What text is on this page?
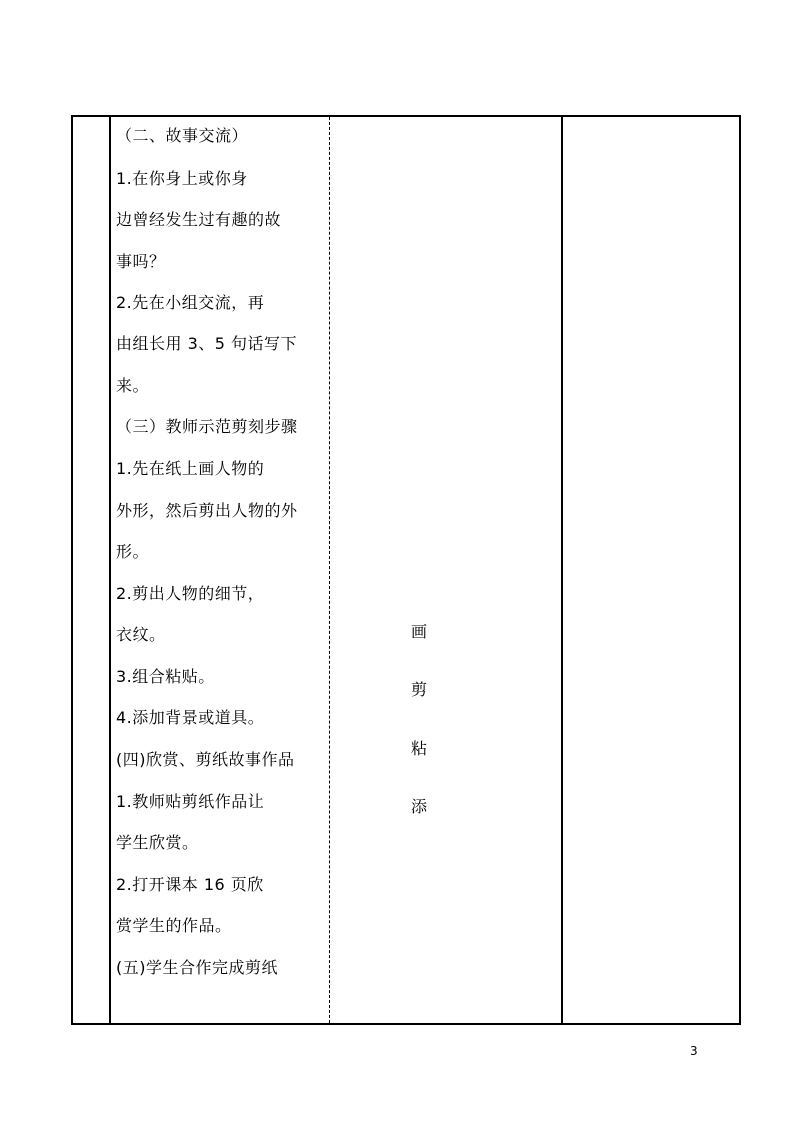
（二、故事交流）
1.在你身上或你身
边曾经发生过有趣的故
事吗？
2.先在小组交流，再
由组长用 3、5 句话写下
来。
（三）教师示范剪刻步骤
1.先在纸上画人物的
外形，然后剪出人物的外
形。
2.剪出人物的细节，
衣纹。
3.组合粘贴。
4.添加背景或道具。
(四)欣赏、剪纸故事作品
1.教师贴剪纸作品让
学生欣赏。
2.打开课本 16 页欣
赏学生的作品。
(五)学生合作完成剪纸
画
剪
粘
添
3
